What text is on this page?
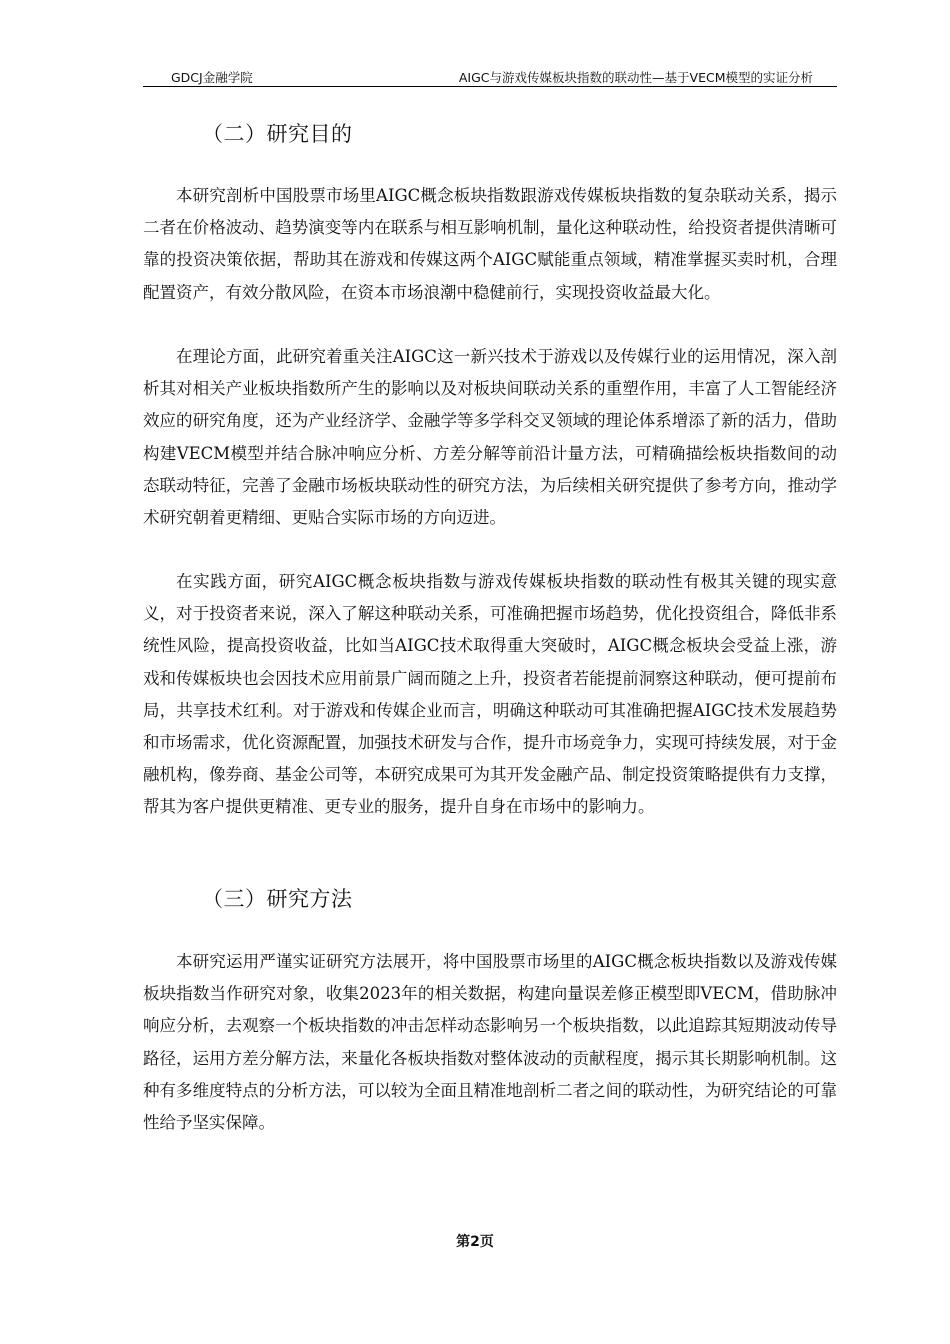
GDCJ金融学院	AIGC与游戏传媒板块指数的联动性—基于VECM模型的实证分析
（二）研究目的

本研究剖析中国股票市场里AIGC概念板块指数跟游戏传媒板块指数的复杂联动关系，揭示二者在价格波动、趋势演变等内在联系与相互影响机制，量化这种联动性，给投资者提供清晰可靠的投资决策依据，帮助其在游戏和传媒这两个AIGC赋能重点领域，精准掌握买卖时机，合理配置资产，有效分散风险，在资本市场浪潮中稳健前行，实现投资收益最大化。

在理论方面，此研究着重关注AIGC这一新兴技术于游戏以及传媒行业的运用情况，深入剖析其对相关产业板块指数所产生的影响以及对板块间联动关系的重塑作用，丰富了人工智能经济效应的研究角度，还为产业经济学、金融学等多学科交叉领域的理论体系增添了新的活力，借助构建VECM模型并结合脉冲响应分析、方差分解等前沿计量方法，可精确描绘板块指数间的动态联动特征，完善了金融市场板块联动性的研究方法，为后续相关研究提供了参考方向，推动学术研究朝着更精细、更贴合实际市场的方向迈进。

在实践方面，研究AIGC概念板块指数与游戏传媒板块指数的联动性有极其关键的现实意义，对于投资者来说，深入了解这种联动关系，可准确把握市场趋势，优化投资组合，降低非系统性风险，提高投资收益，比如当AIGC技术取得重大突破时，AIGC概念板块会受益上涨，游戏和传媒板块也会因技术应用前景广阔而随之上升，投资者若能提前洞察这种联动，便可提前布局，共享技术红利。对于游戏和传媒企业而言，明确这种联动可其准确把握AIGC技术发展趋势和市场需求，优化资源配置，加强技术研发与合作，提升市场竞争力，实现可持续发展，对于金融机构，像券商、基金公司等，本研究成果可为其开发金融产品、制定投资策略提供有力支撑，帮其为客户提供更精准、更专业的服务，提升自身在市场中的影响力。

（三）研究方法

本研究运用严谨实证研究方法展开，将中国股票市场里的AIGC概念板块指数以及游戏传媒板块指数当作研究对象，收集2023年的相关数据，构建向量误差修正模型即VECM，借助脉冲响应分析，去观察一个板块指数的冲击怎样动态影响另一个板块指数，以此追踪其短期波动传导路径，运用方差分解方法，来量化各板块指数对整体波动的贡献程度，揭示其长期影响机制。这种有多维度特点的分析方法，可以较为全面且精准地剖析二者之间的联动性，为研究结论的可靠性给予坚实保障。

第2页
